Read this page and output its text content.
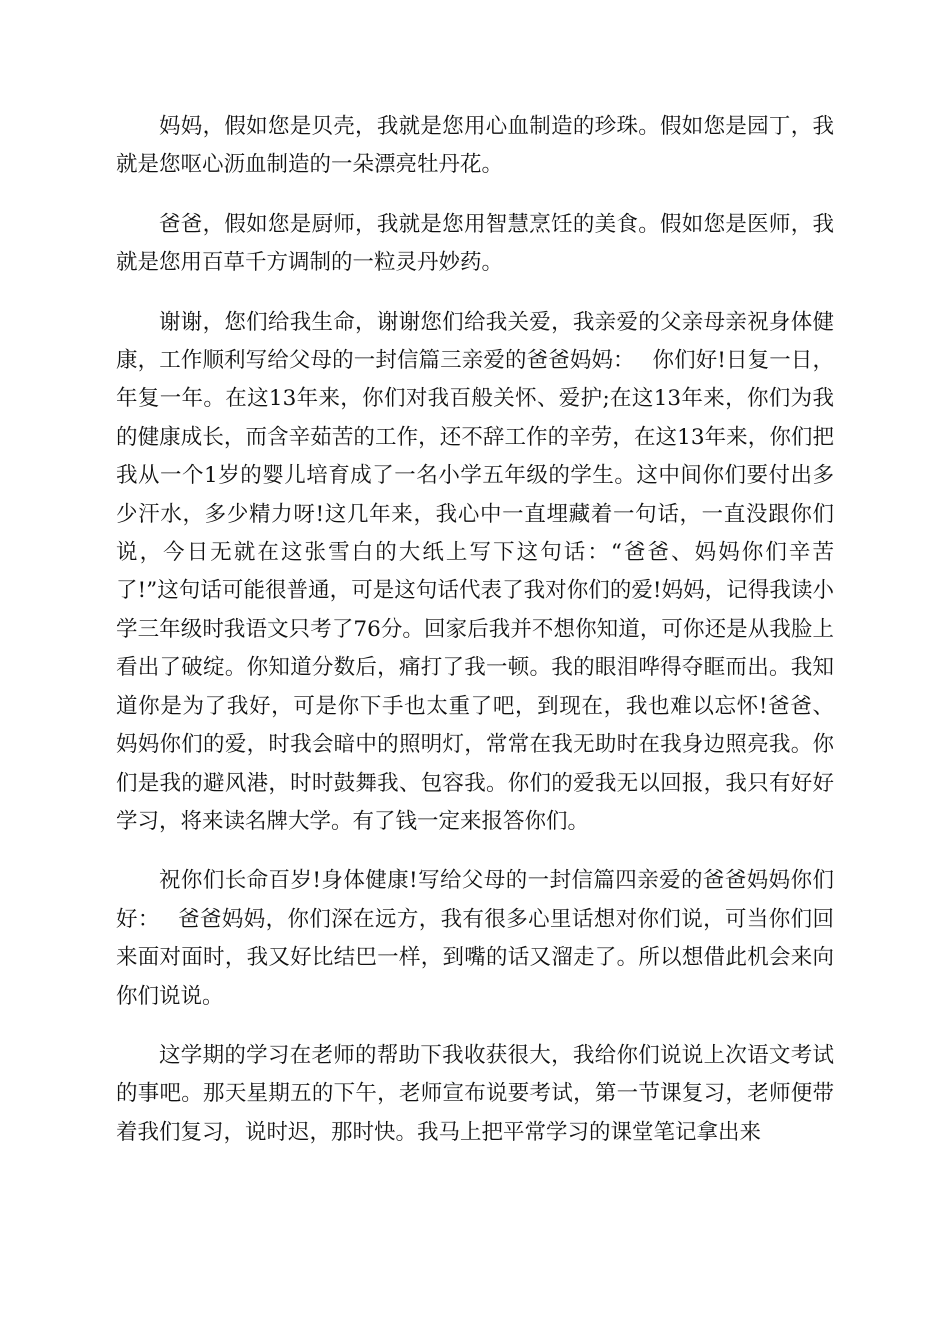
妈妈，假如您是贝壳，我就是您用心血制造的珍珠。假如您是园丁，我就是您呕心沥血制造的一朵漂亮牡丹花。

爸爸，假如您是厨师，我就是您用智慧烹饪的美食。假如您是医师，我就是您用百草千方调制的一粒灵丹妙药。

谢谢，您们给我生命，谢谢您们给我关爱，我亲爱的父亲母亲祝身体健康，工作顺利写给父母的一封信篇三亲爱的爸爸妈妈：　 你们好!日复一日，年复一年。在这13年来，你们对我百般关怀、爱护;在这13年来，你们为我的健康成长，而含辛茹苦的工作，还不辞工作的辛劳，在这13年来，你们把我从一个1岁的婴儿培育成了一名小学五年级的学生。这中间你们要付出多少汗水，多少精力呀!这几年来，我心中一直埋藏着一句话，一直没跟你们说，今日无就在这张雪白的大纸上写下这句话：“爸爸、妈妈你们辛苦了!”这句话可能很普通，可是这句话代表了我对你们的爱!妈妈，记得我读小学三年级时我语文只考了76分。回家后我并不想你知道，可你还是从我脸上看出了破绽。你知道分数后，痛打了我一顿。我的眼泪哗得夺眶而出。我知道你是为了我好，可是你下手也太重了吧，到现在，我也难以忘怀!爸爸、妈妈你们的爱，时我会暗中的照明灯，常常在我无助时在我身边照亮我。你们是我的避风港，时时鼓舞我、包容我。你们的爱我无以回报，我只有好好学习，将来读名牌大学。有了钱一定来报答你们。

祝你们长命百岁!身体健康!写给父母的一封信篇四亲爱的爸爸妈妈你们好：　 爸爸妈妈，你们深在远方，我有很多心里话想对你们说，可当你们回来面对面时，我又好比结巴一样，到嘴的话又溜走了。所以想借此机会来向你们说说。

这学期的学习在老师的帮助下我收获很大，我给你们说说上次语文考试的事吧。那天星期五的下午，老师宣布说要考试，第一节课复习，老师便带着我们复习，说时迟，那时快。我马上把平常学习的课堂笔记拿出来
